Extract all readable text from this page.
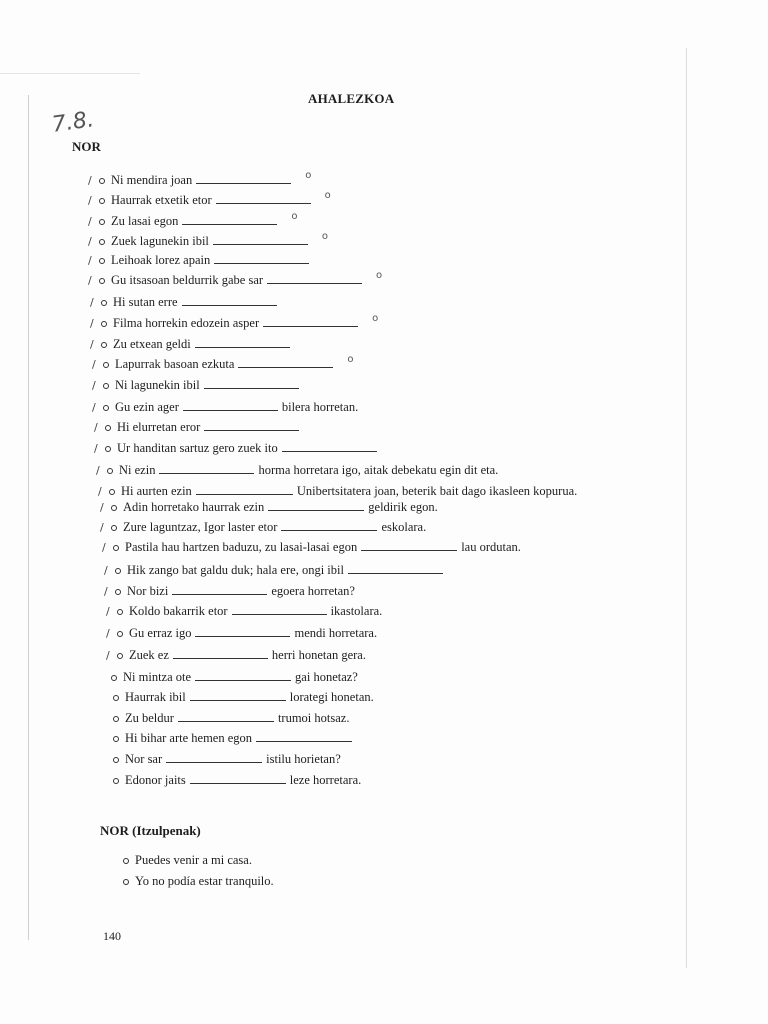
AHALEZKOA
7.8.
NOR
/	Ni mendira joan	o
/	Haurrak etxetik etor	o
/	Zu lasai egon	o
/	Zuek lagunekin ibil	o
/	Leihoak lorez apain
/	Gu itsasoan beldurrik gabe sar	o
/	Hi sutan erre
/	Filma horrekin edozein asper	o
/	Zu etxean geldi
/	Lapurrak basoan ezkuta	o
/	Ni lagunekin ibil
/	Gu ezin ager	bilera horretan.
/	Hi elurretan eror
/	Ur handitan sartuz gero zuek ito
/	Ni ezin	horma horretara igo, aitak debekatu egin dit eta.
/	Hi aurten ezin	Unibertsitatera joan, beterik bait dago ikasleen kopurua.
/	Adin horretako haurrak ezin	geldirik egon.
/	Zure laguntzaz, Igor laster etor	eskolara.
/	Pastila hau hartzen baduzu, zu lasai-lasai egon	lau ordutan.
/	Hik zango bat galdu duk; hala ere, ongi ibil
/	Nor bizi	egoera horretan?
/	Koldo bakarrik etor	ikastolara.
/	Gu erraz igo	mendi horretara.
/	Zuek ez	herri honetan gera.
Ni mintza ote	gai honetaz?
Haurrak ibil	lorategi honetan.
Zu beldur	trumoi hotsaz.
Hi bihar arte hemen egon
Nor sar	istilu horietan?
Edonor jaits	leze horretara.
NOR (Itzulpenak)
Puedes venir a mi casa.
Yo no podía estar tranquilo.
140
